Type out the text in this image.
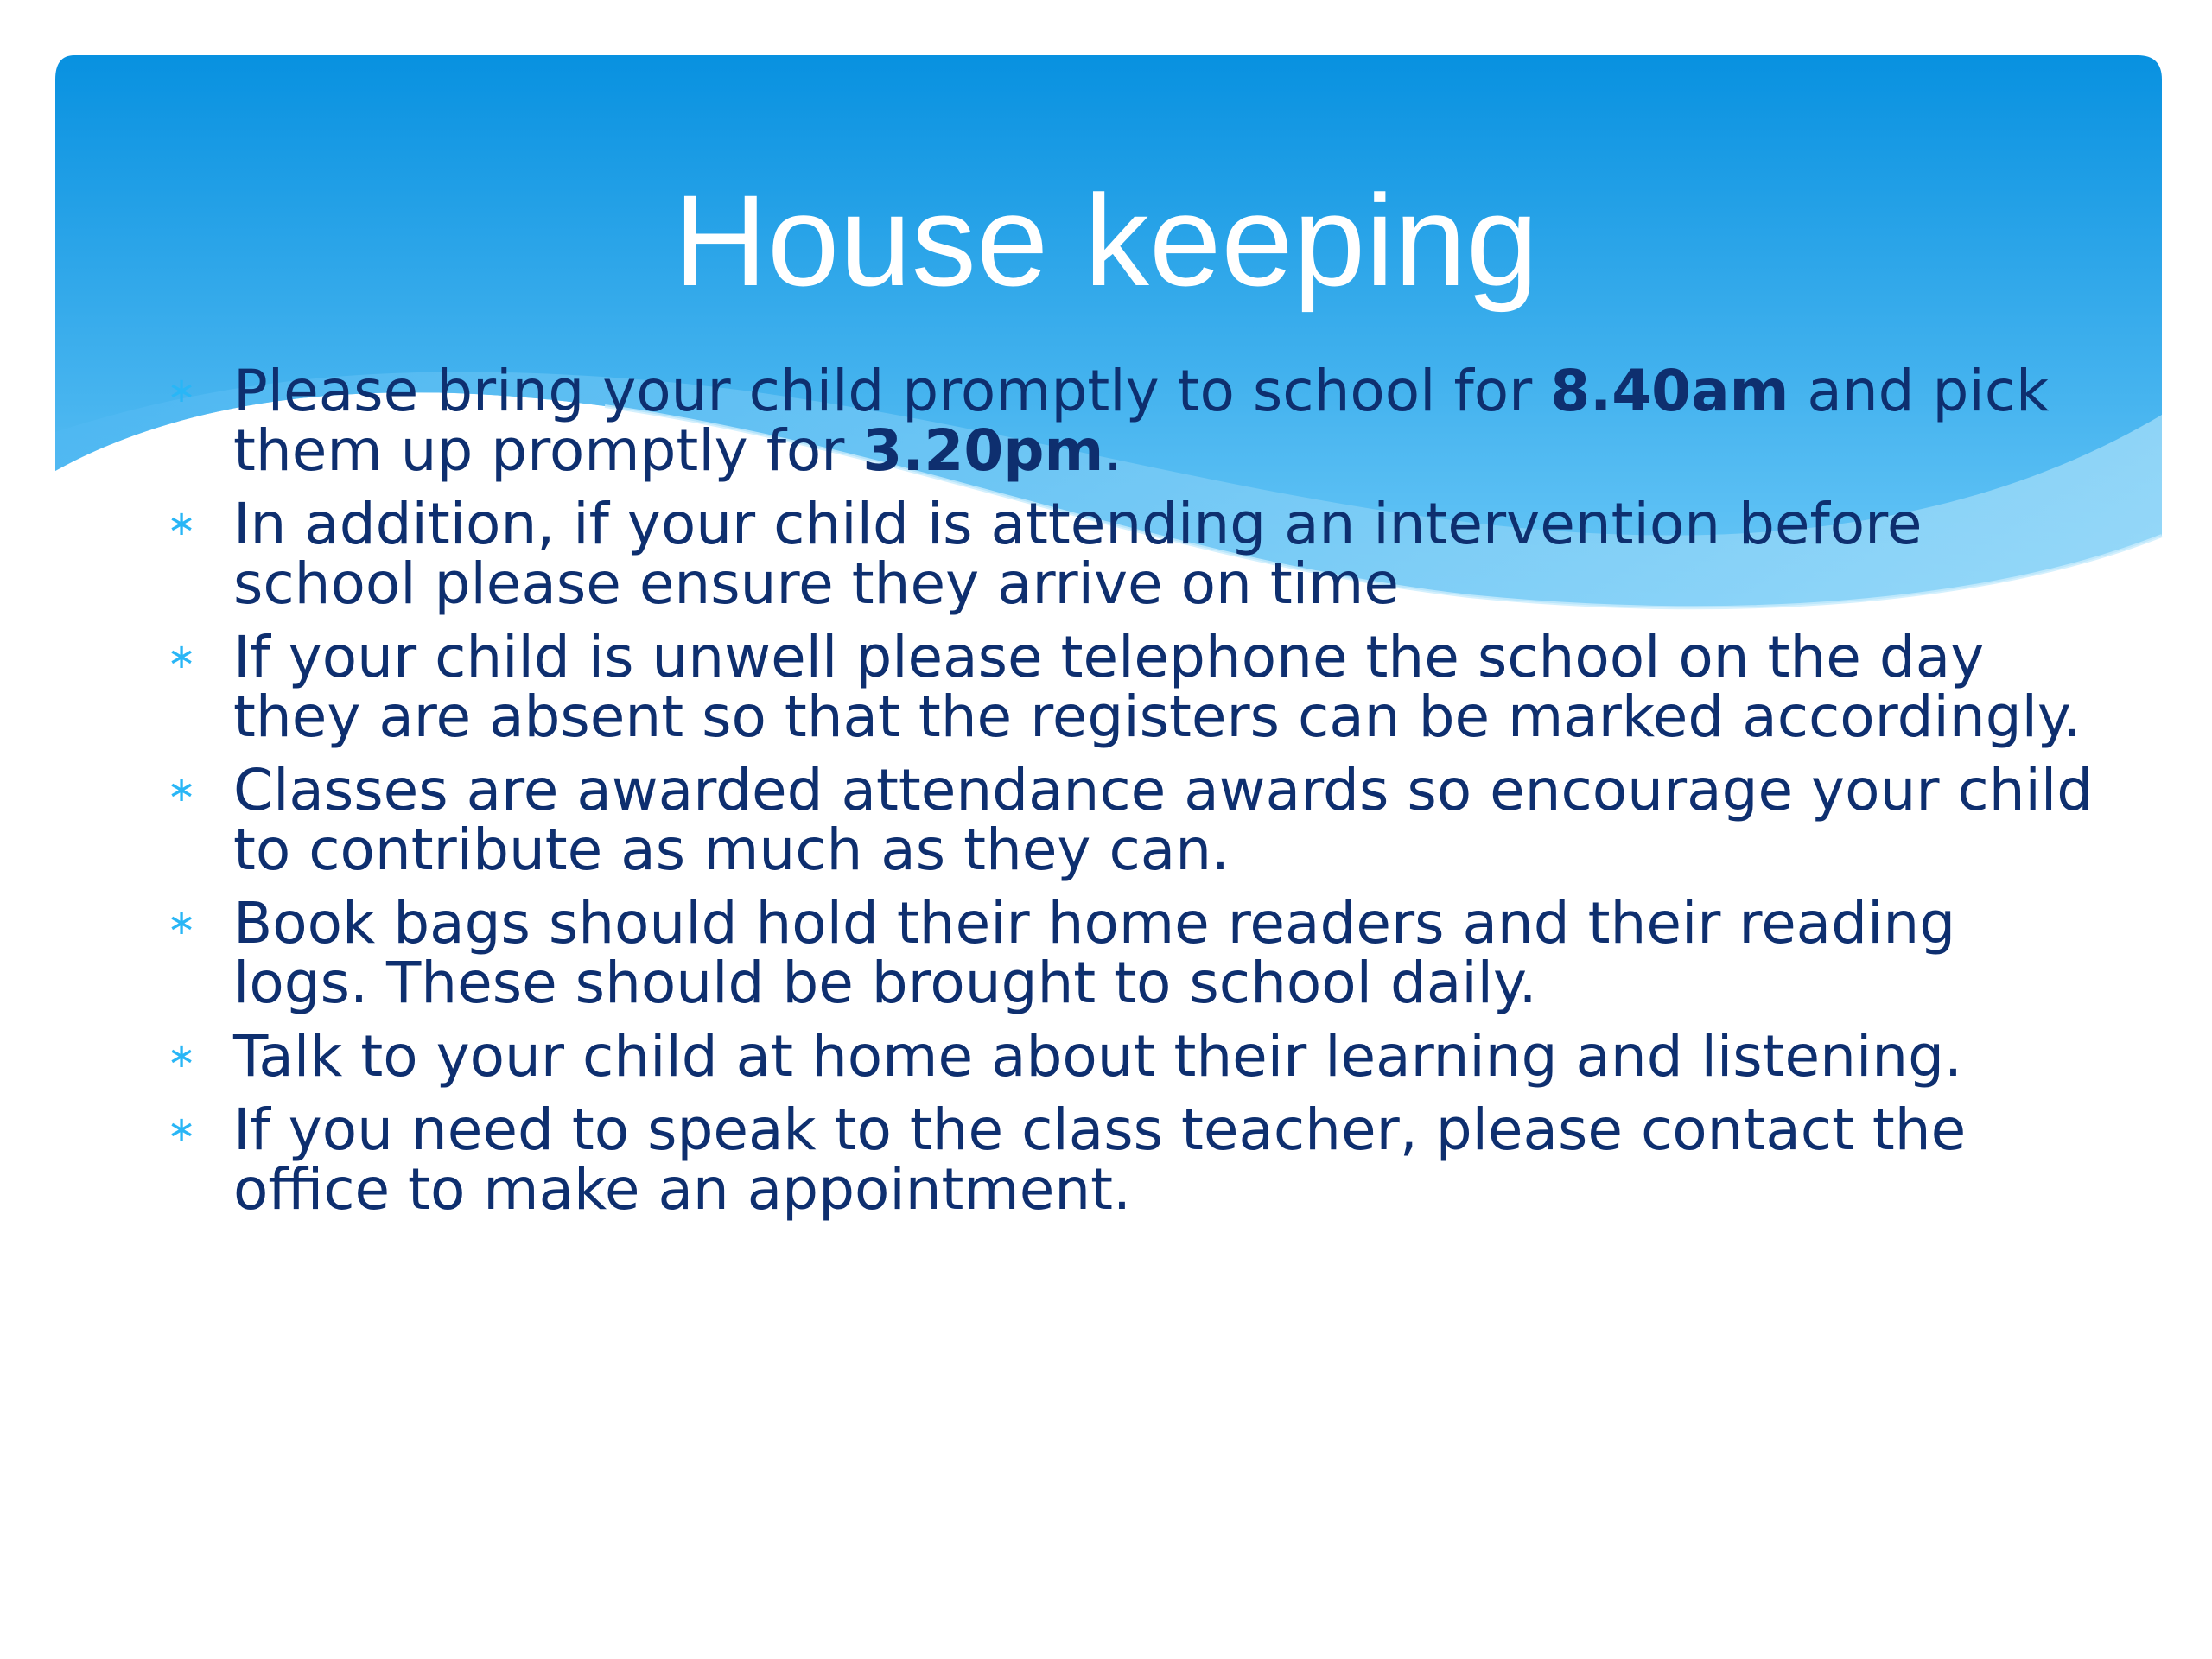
House keeping
∗ Please bring your child promptly to school for 8.40am and pick them up promptly for 3.20pm.
∗ In addition, if your child is attending an intervention before school please ensure they arrive on time
∗ If your child is unwell please telephone the school on the day they are absent so that the registers can be marked accordingly.
∗ Classes are awarded attendance awards so encourage your child to contribute as much as they can.
∗ Book bags should hold their home readers and their reading logs. These should be brought to school daily.
∗ Talk to your child at home about their learning and listening.
∗ If you need to speak to the class teacher, please contact the office to make an appointment.
